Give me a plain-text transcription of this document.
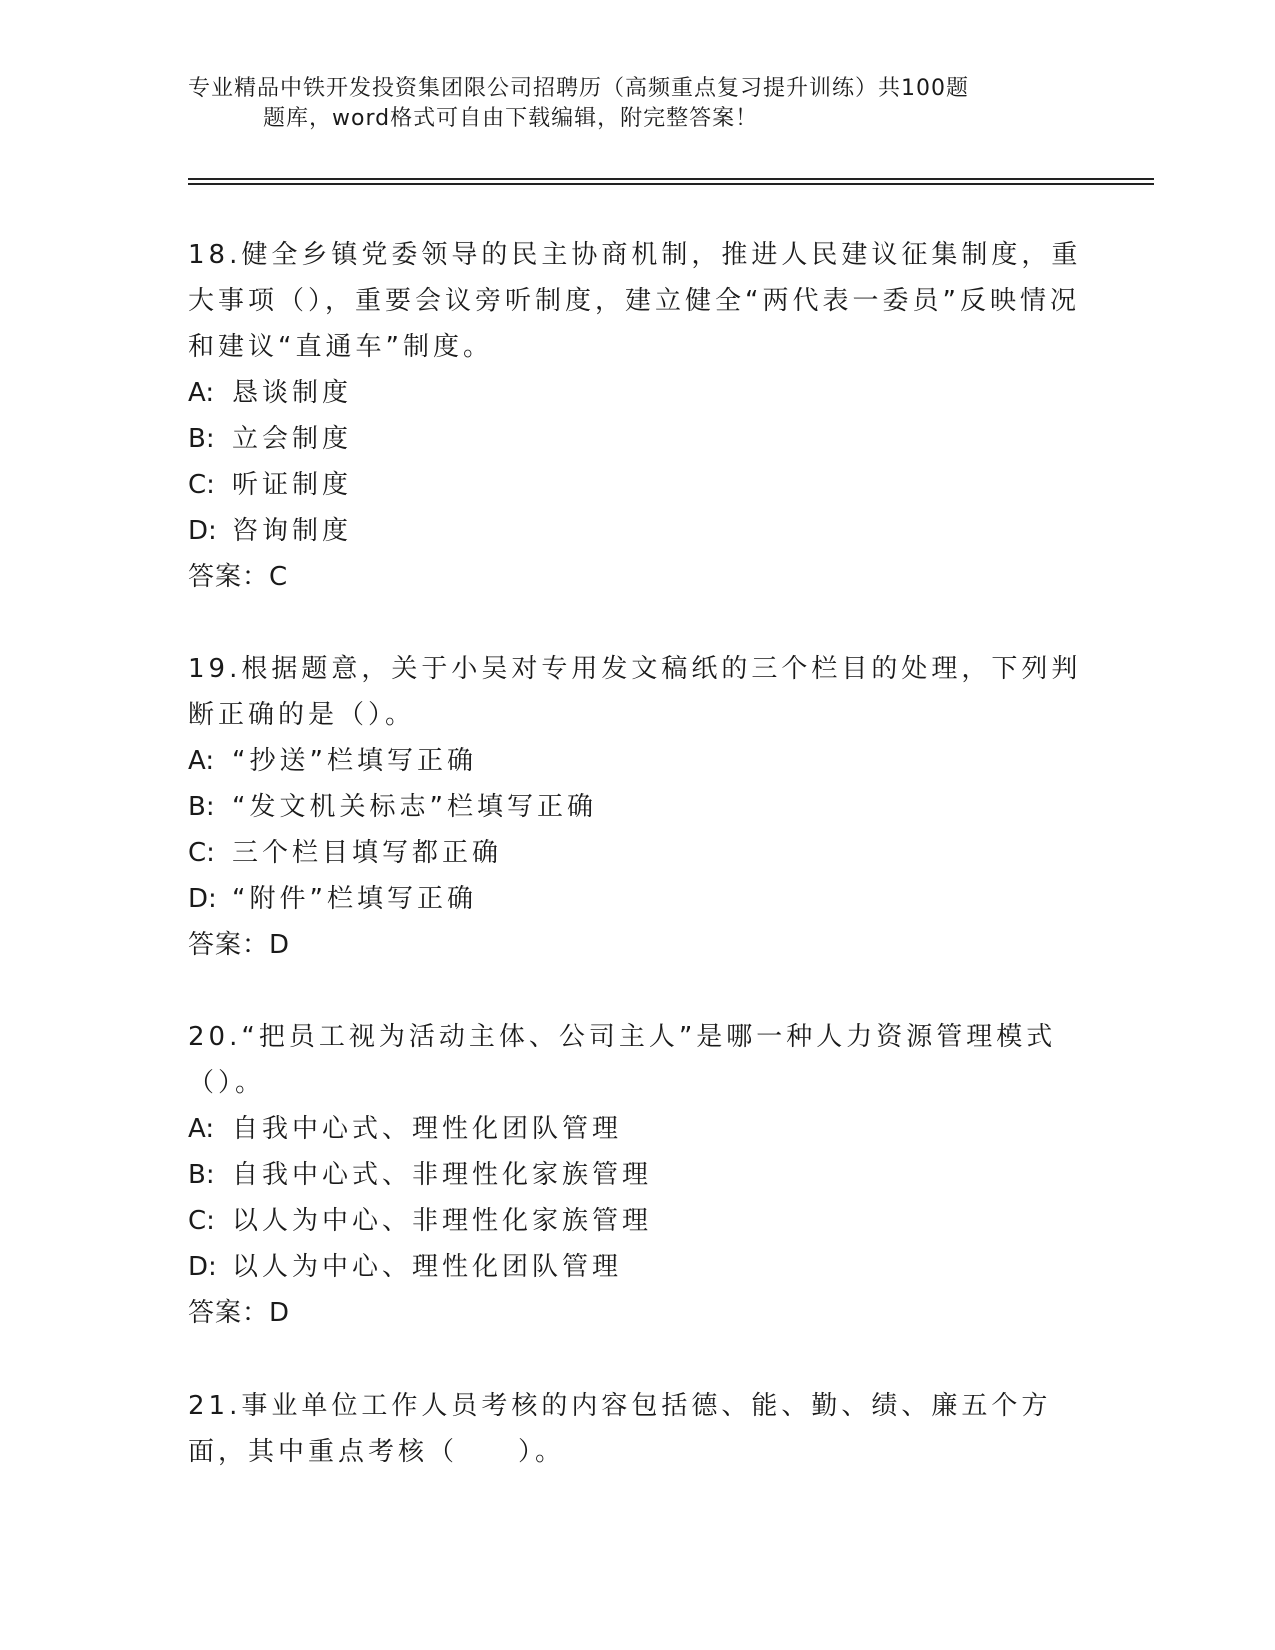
专业精品中铁开发投资集团限公司招聘历（高频重点复习提升训练）共100题

题库，word格式可自由下载编辑，附完整答案！

18.健全乡镇党委领导的民主协商机制，推进人民建议征集制度，重大事项（），重要会议旁听制度，建立健全“两代表一委员”反映情况和建议“直通车”制度。

A: 恳谈制度

B: 立会制度

C: 听证制度

D: 咨询制度

答案：C

19.根据题意，关于小吴对专用发文稿纸的三个栏目的处理，下列判断正确的是（）。

A: “抄送”栏填写正确

B: “发文机关标志”栏填写正确

C: 三个栏目填写都正确

D: “附件”栏填写正确

答案：D

20.“把员工视为活动主体、公司主人”是哪一种人力资源管理模式（）。

A: 自我中心式、理性化团队管理

B: 自我中心式、非理性化家族管理

C: 以人为中心、非理性化家族管理

D: 以人为中心、理性化团队管理

答案：D

21.事业单位工作人员考核的内容包括德、能、勤、绩、廉五个方面，其中重点考核（　　）。
